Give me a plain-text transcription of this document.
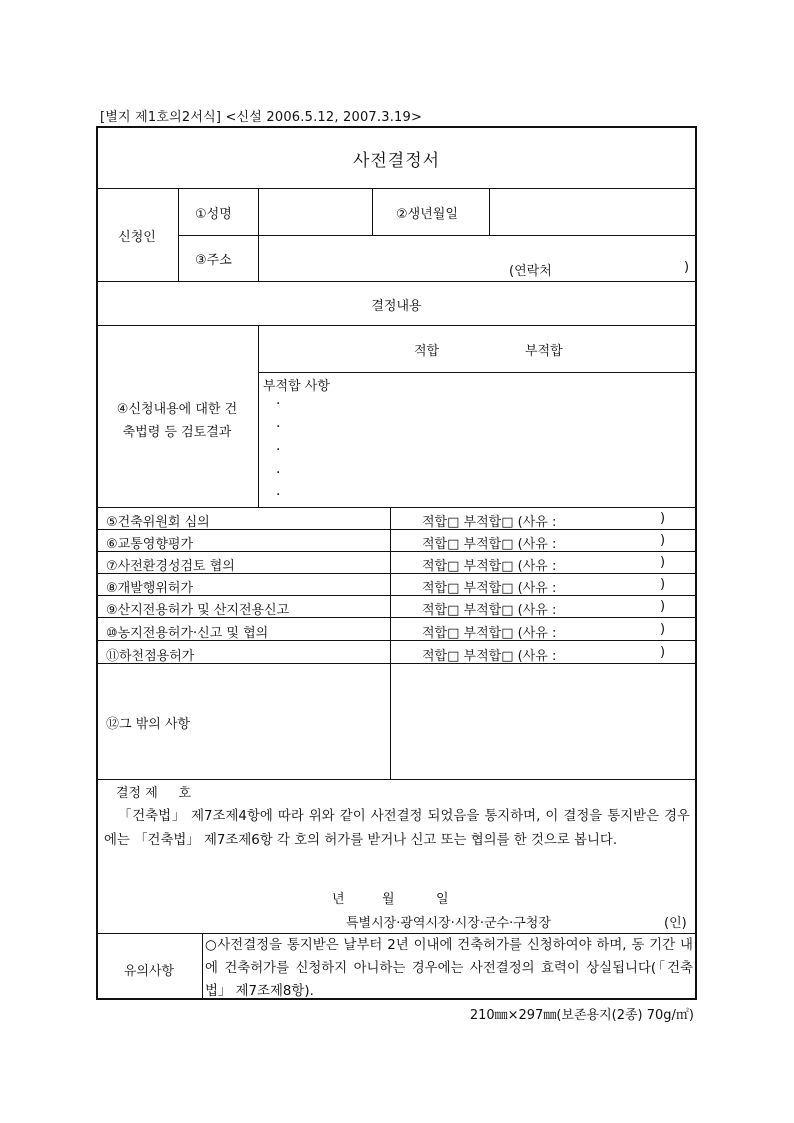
[별지 제1호의2서식] <신설 2006.5.12, 2007.3.19>
사전결정서
신청인
①성명	②생년월일
③주소
(연락처	)
결정내용
④신청내용에 대한 건
축법령 등 검토결과
적합	부적합
부적합 사항
·
·
·
·
·
⑤건축위원회 심의	적합□ 부적합□ (사유 :	)
⑥교통영향평가	적합□ 부적합□ (사유 :	)
⑦사전환경성검토 협의	적합□ 부적합□ (사유 :	)
⑧개발행위허가	적합□ 부적합□ (사유 :	)
⑨산지전용허가 및 산지전용신고	적합□ 부적합□ (사유 :	)
⑩농지전용허가·신고 및 협의	적합□ 부적합□ (사유 :	)
⑪하천점용허가	적합□ 부적합□ (사유 :	)
⑫그 밖의 사항
결정 제     호
「건축법」 제7조제4항에 따라 위와 같이 사전결정 되었음을 통지하며, 이 결정을 통지받은 경우에는 「건축법」 제7조제6항 각 호의 허가를 받거나 신고 또는 협의를 한 것으로 봅니다.
년	월	일
특별시장·광역시장·시장·군수·구청장	(인)
유의사항
○사전결정을 통지받은 날부터 2년 이내에 건축허가를 신청하여야 하며, 동 기간 내에 건축허가를 신청하지 아니하는 경우에는 사전결정의 효력이 상실됩니다(「건축법」 제7조제8항).
210㎜×297㎜(보존용지(2종) 70g/㎡)
